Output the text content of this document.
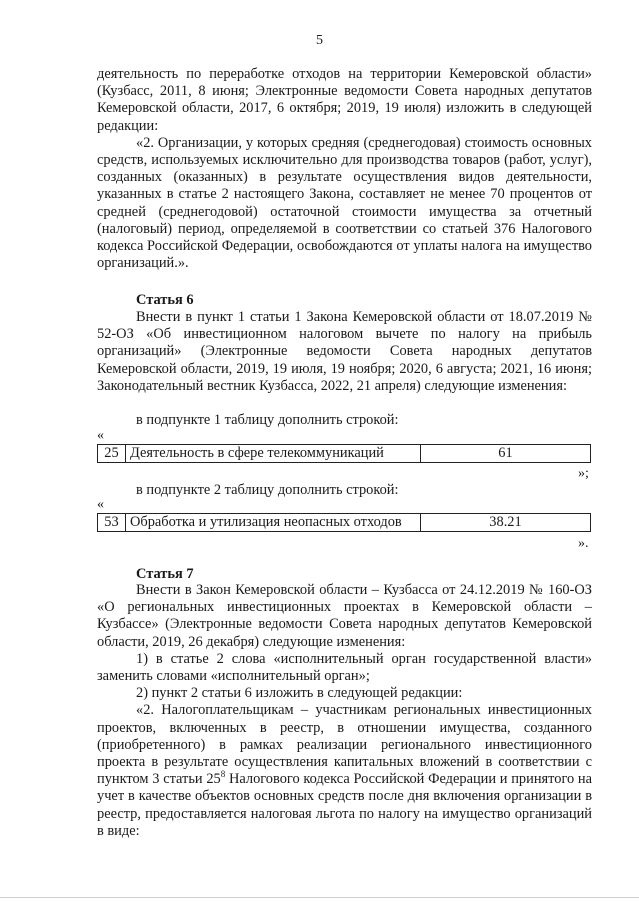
5

деятельность по переработке отходов на территории Кемеровской области» (Кузбасс, 2011, 8 июня; Электронные ведомости Совета народных депутатов Кемеровской области, 2017, 6 октября; 2019, 19 июля) изложить в следующей редакции:

«2. Организации, у которых средняя (среднегодовая) стоимость основных средств, используемых исключительно для производства товаров (работ, услуг), созданных (оказанных) в результате осуществления видов деятельности, указанных в статье 2 настоящего Закона, составляет не менее 70 процентов от средней (среднегодовой) остаточной стоимости имущества за отчетный (налоговый) период, определяемой в соответствии со статьей 376 Налогового кодекса Российской Федерации, освобождаются от уплаты налога на имущество организаций.».

Статья 6

Внести в пункт 1 статьи 1 Закона Кемеровской области от 18.07.2019 № 52-ОЗ «Об инвестиционном налоговом вычете по налогу на прибыль организаций» (Электронные ведомости Совета народных депутатов Кемеровской области, 2019, 19 июля, 19 ноября; 2020, 6 августа; 2021, 16 июня; Законодательный вестник Кузбасса, 2022, 21 апреля) следующие изменения:

в подпункте 1 таблицу дополнить строкой:
«
25	Деятельность в сфере телекоммуникаций	61
»;
в подпункте 2 таблицу дополнить строкой:
«
53	Обработка и утилизация неопасных отходов	38.21
».
Статья 7

Внести в Закон Кемеровской области – Кузбасса от 24.12.2019 № 160-ОЗ «О региональных инвестиционных проектах в Кемеровской области – Кузбассе» (Электронные ведомости Совета народных депутатов Кемеровской области, 2019, 26 декабря) следующие изменения:

1) в статье 2 слова «исполнительный орган государственной власти» заменить словами «исполнительный орган»;

2) пункт 2 статьи 6 изложить в следующей редакции:

«2. Налогоплательщикам – участникам региональных инвестиционных проектов, включенных в реестр, в отношении имущества, созданного (приобретенного) в рамках реализации регионального инвестиционного проекта в результате осуществления капитальных вложений в соответствии с пунктом 3 статьи $25^8$ Налогового кодекса Российской Федерации и принятого на учет в качестве объектов основных средств после дня включения организации в реестр, предоставляется налоговая льгота по налогу на имущество организаций в виде:
